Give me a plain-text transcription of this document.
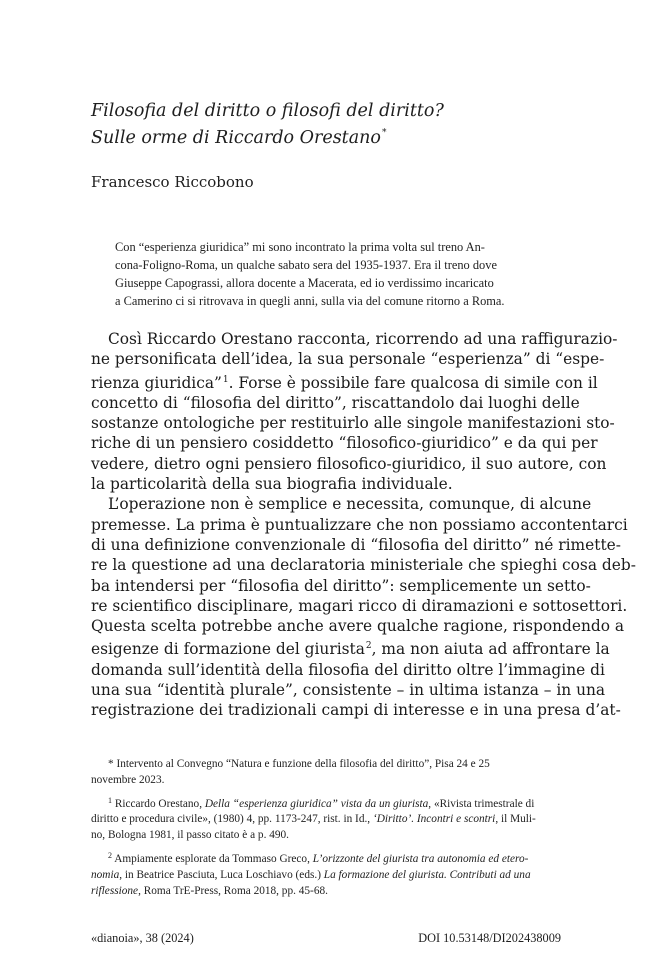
Filosofia del diritto o filosofi del diritto?
Sulle orme di Riccardo Orestano*
Francesco Riccobono
Con “esperienza giuridica” mi sono incontrato la prima volta sul treno An-
cona-Foligno-Roma, un qualche sabato sera del 1935-1937. Era il treno dove
Giuseppe Capograssi, allora docente a Macerata, ed io verdissimo incaricato
a Camerino ci si ritrovava in quegli anni, sulla via del comune ritorno a Roma.
Così Riccardo Orestano racconta, ricorrendo ad una raffigurazio-
ne personificata dell’idea, la sua personale “esperienza” di “espe-
rienza giuridica”$^1$. Forse è possibile fare qualcosa di simile con il
concetto di “filosofia del diritto”, riscattandolo dai luoghi delle
sostanze ontologiche per restituirlo alle singole manifestazioni sto-
riche di un pensiero cosiddetto “filosofico-giuridico” e da qui per
vedere, dietro ogni pensiero filosofico-giuridico, il suo autore, con
la particolarità della sua biografia individuale.
L’operazione non è semplice e necessita, comunque, di alcune
premesse. La prima è puntualizzare che non possiamo accontentarci
di una definizione convenzionale di “filosofia del diritto” né rimette-
re la questione ad una declaratoria ministeriale che spieghi cosa deb-
ba intendersi per “filosofia del diritto”: semplicemente un setto-
re scientifico disciplinare, magari ricco di diramazioni e sottosettori.
Questa scelta potrebbe anche avere qualche ragione, rispondendo a
esigenze di formazione del giurista$^2$, ma non aiuta ad affrontare la
domanda sull’identità della filosofia del diritto oltre l’immagine di
una sua “identità plurale”, consistente – in ultima istanza – in una
registrazione dei tradizionali campi di interesse e in una presa d’at-
* Intervento al Convegno “Natura e funzione della filosofia del diritto”, Pisa 24 e 25
novembre 2023.
$^1$ Riccardo Orestano, Della “esperienza giuridica” vista da un giurista, «Rivista trimestrale di
diritto e procedura civile», (1980) 4, pp. 1173-247, rist. in Id., ‘Diritto’. Incontri e scontri, il Muli-
no, Bologna 1981, il passo citato è a p. 490.
$^2$ Ampiamente esplorate da Tommaso Greco, L’orizzonte del giurista tra autonomia ed etero-
nomia, in Beatrice Pasciuta, Luca Loschiavo (eds.) La formazione del giurista. Contributi ad una
riflessione, Roma TrE-Press, Roma 2018, pp. 45-68.
«dianoia», 38 (2024)	DOI 10.53148/DI202438009
